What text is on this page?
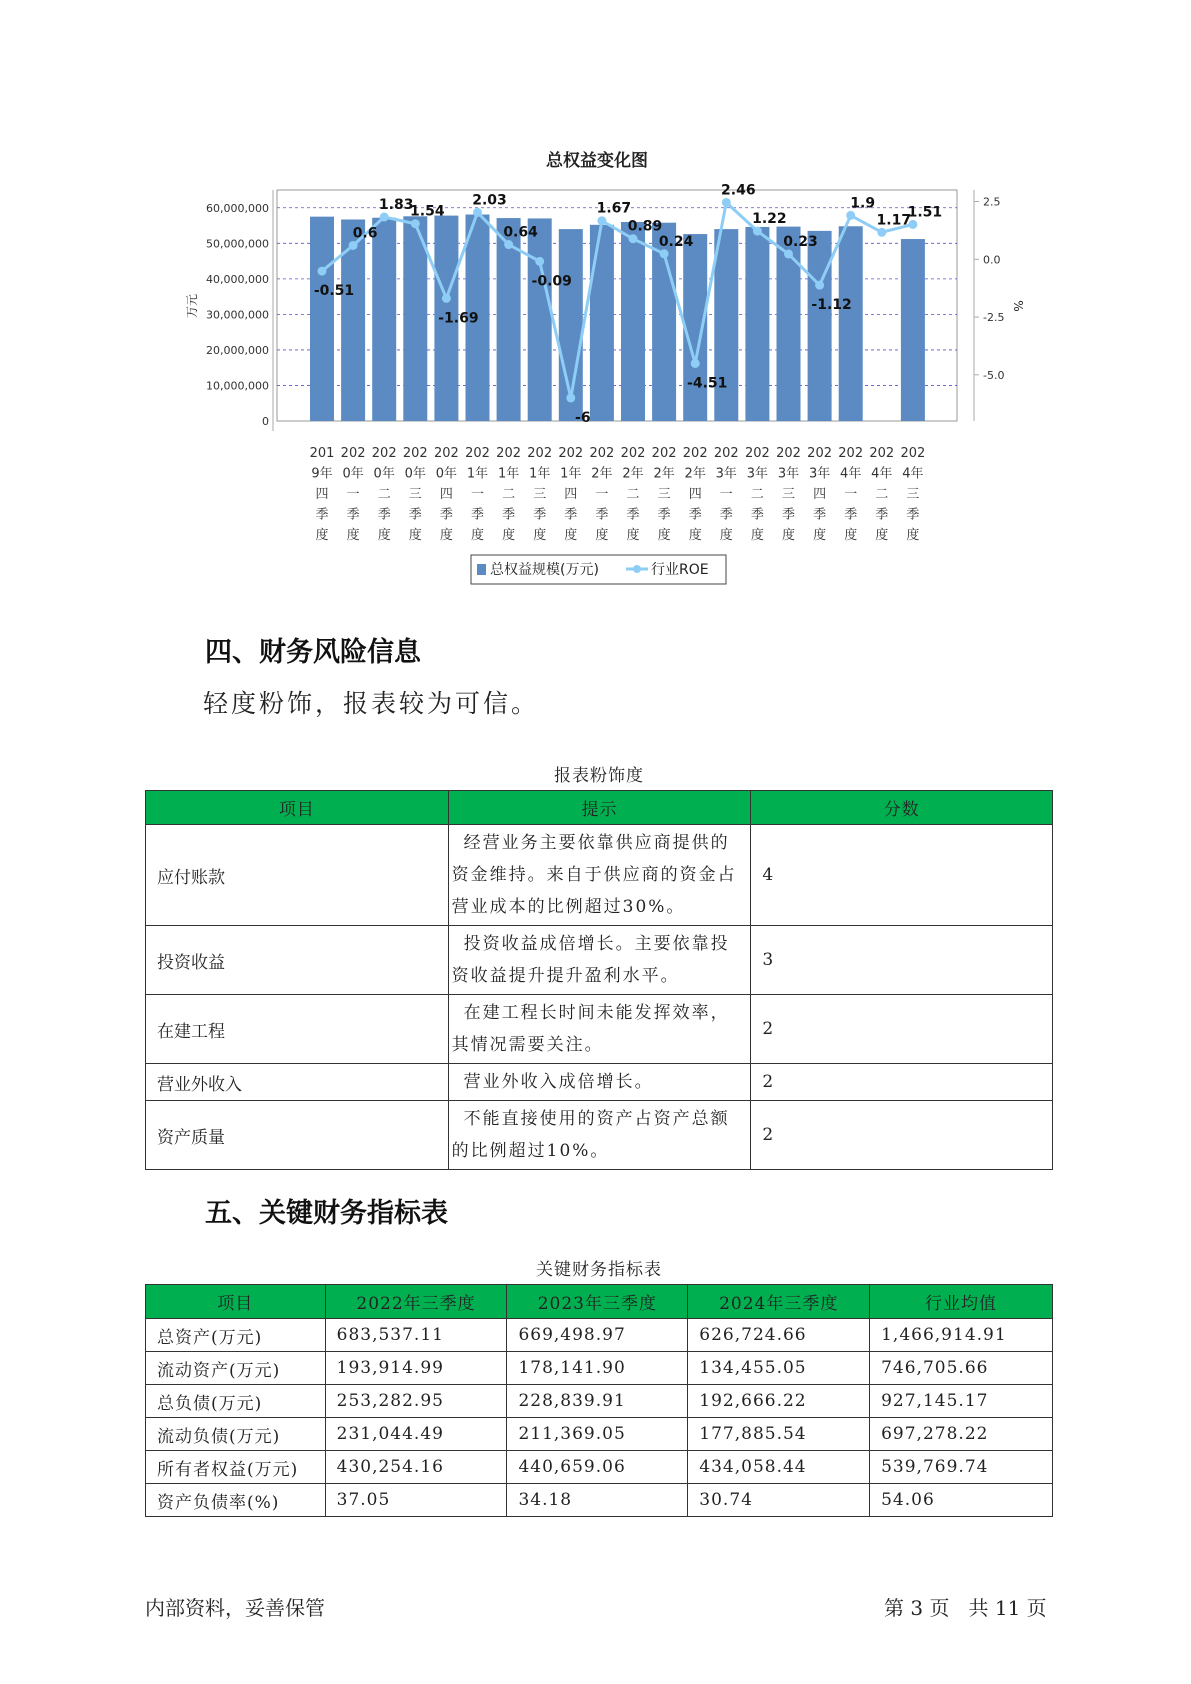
总权益变化图
0
10,000,000
20,000,000
30,000,000
40,000,000
50,000,000
60,000,000	2.5
0.0
-2.5
-5.0
万元	%
-0.51
0.6
1.83
1.54
-1.69
2.03
0.64
-0.09
-6
1.67
0.89
0.24
-4.51
2.46
1.22
0.23
-1.12
1.9
1.17
1.51
201 9年四季度
202 0年一季度
202 0年二季度
202 0年三季度
202 0年四季度
202 1年一季度
202 1年二季度
202 1年三季度
202 1年四季度
202 2年一季度
202 2年二季度
202 2年三季度
202 2年四季度
202 3年一季度
202 3年二季度
202 3年三季度
202 3年四季度
202 4年一季度
202 4年二季度
202 4年三季度
总权益规模(万元)	行业ROE
四、财务风险信息
轻度粉饰，报表较为可信。
报表粉饰度
项目	提示	分数
应付账款	经营业务主要依靠供应商提供的
资金维持。来自于供应商的资金占
营业成本的比例超过30%。	4
投资收益	投资收益成倍增长。主要依靠投
资收益提升提升盈利水平。	3
在建工程	在建工程长时间未能发挥效率，
其情况需要关注。	2
营业外收入	营业外收入成倍增长。	2
资产质量	不能直接使用的资产占资产总额
的比例超过10%。	2
五、关键财务指标表
关键财务指标表
项目	2022年三季度	2023年三季度	2024年三季度	行业均值
总资产(万元)	683,537.11	669,498.97	626,724.66	1,466,914.91
流动资产(万元)	193,914.99	178,141.90	134,455.05	746,705.66
总负债(万元)	253,282.95	228,839.91	192,666.22	927,145.17
流动负债(万元)	231,044.49	211,369.05	177,885.54	697,278.22
所有者权益(万元)	430,254.16	440,659.06	434,058.44	539,769.74
资产负债率(%)	37.05	34.18	30.74	54.06
内部资料，妥善保管	第 3 页   共 11 页
